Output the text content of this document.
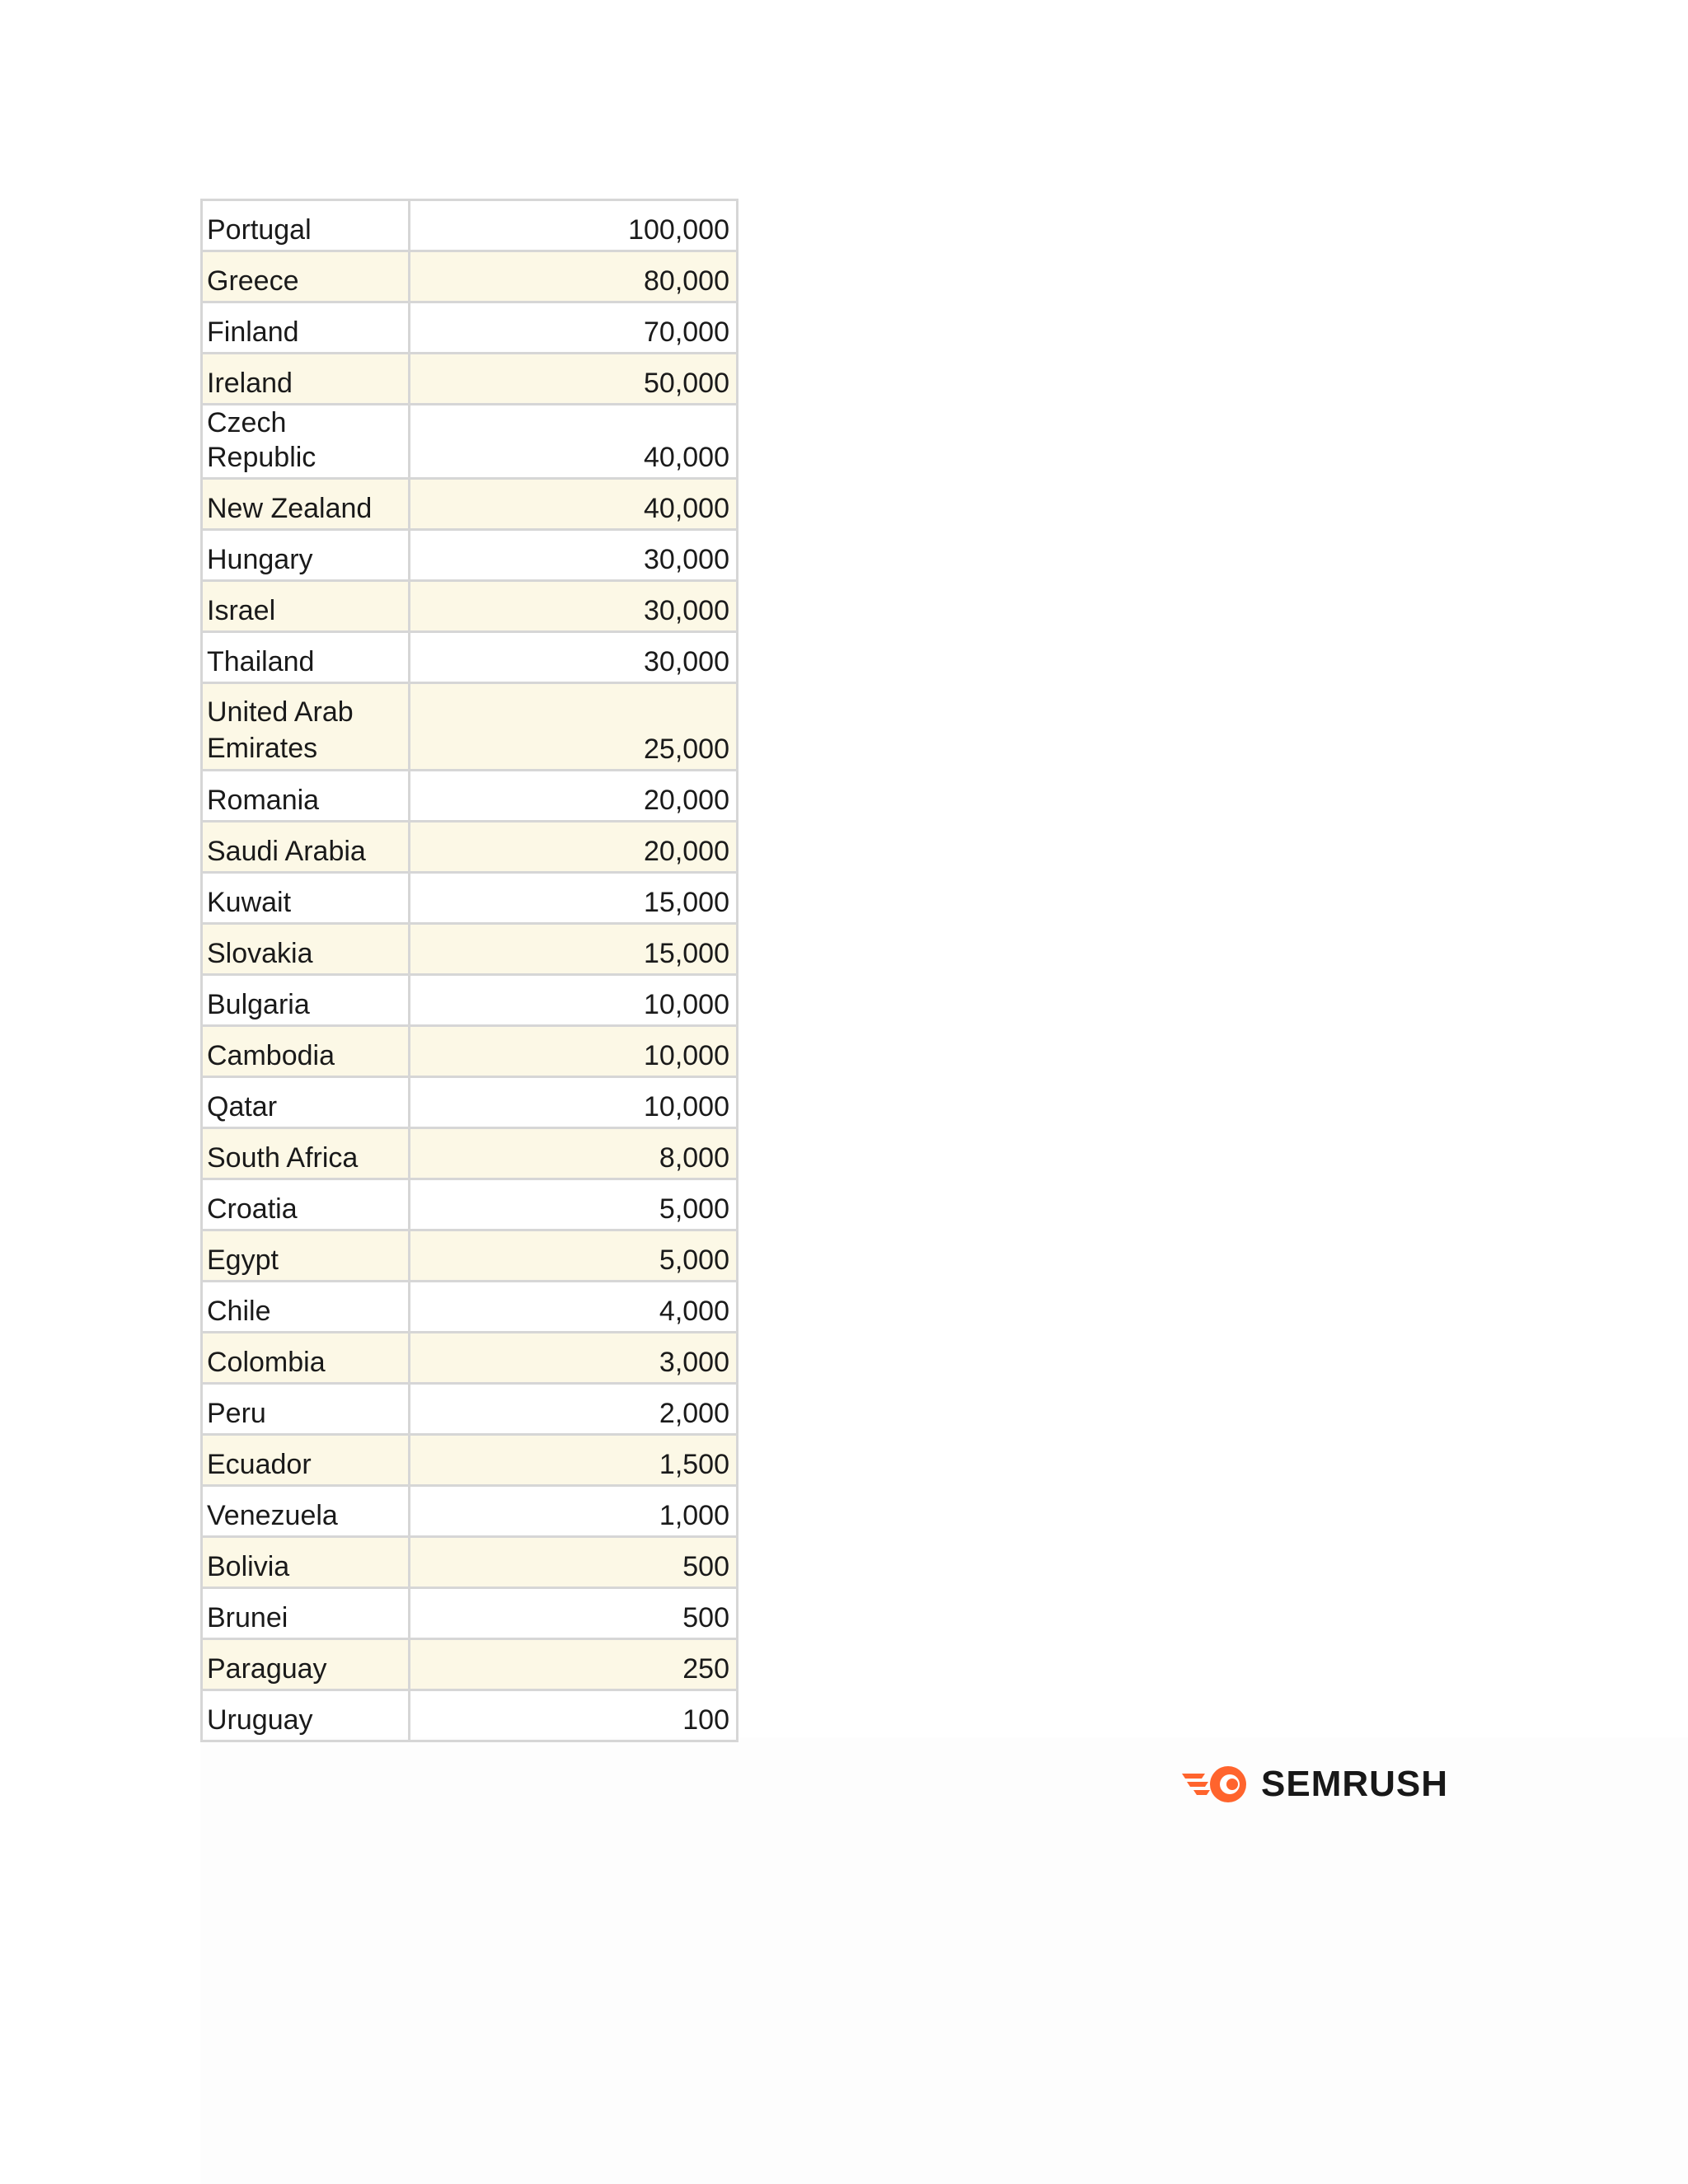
Portugal	100,000
Greece	80,000
Finland	70,000
Ireland	50,000
Czech Republic	40,000
New Zealand	40,000
Hungary	30,000
Israel	30,000
Thailand	30,000
United Arab Emirates	25,000
Romania	20,000
Saudi Arabia	20,000
Kuwait	15,000
Slovakia	15,000
Bulgaria	10,000
Cambodia	10,000
Qatar	10,000
South Africa	8,000
Croatia	5,000
Egypt	5,000
Chile	4,000
Colombia	3,000
Peru	2,000
Ecuador	1,500
Venezuela	1,000
Bolivia	500
Brunei	500
Paraguay	250
Uruguay	100
SEMRUSH
